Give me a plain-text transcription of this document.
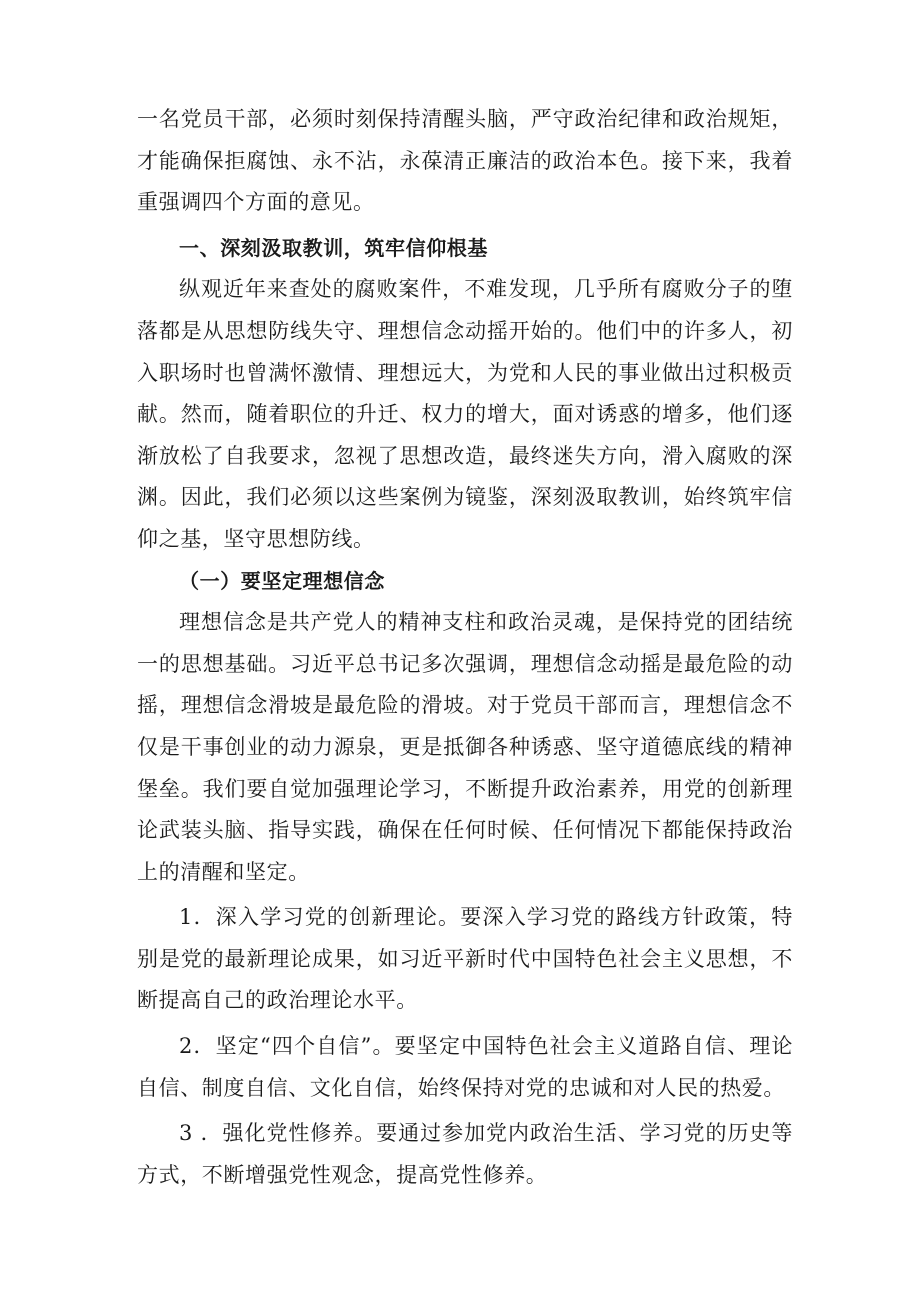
一名党员干部，必须时刻保持清醒头脑，严守政治纪律和政治规矩，才能确保拒腐蚀、永不沾，永葆清正廉洁的政治本色。接下来，我着重强调四个方面的意见。

一、深刻汲取教训，筑牢信仰根基

纵观近年来查处的腐败案件，不难发现，几乎所有腐败分子的堕落都是从思想防线失守、理想信念动摇开始的。他们中的许多人，初入职场时也曾满怀激情、理想远大，为党和人民的事业做出过积极贡献。然而，随着职位的升迁、权力的增大，面对诱惑的增多，他们逐渐放松了自我要求，忽视了思想改造，最终迷失方向，滑入腐败的深渊。因此，我们必须以这些案例为镜鉴，深刻汲取教训，始终筑牢信仰之基，坚守思想防线。

（一）要坚定理想信念

理想信念是共产党人的精神支柱和政治灵魂，是保持党的团结统一的思想基础。习近平总书记多次强调，理想信念动摇是最危险的动摇，理想信念滑坡是最危险的滑坡。对于党员干部而言，理想信念不仅是干事创业的动力源泉，更是抵御各种诱惑、坚守道德底线的精神堡垒。我们要自觉加强理论学习，不断提升政治素养，用党的创新理论武装头脑、指导实践，确保在任何时候、任何情况下都能保持政治上的清醒和坚定。

1．深入学习党的创新理论。要深入学习党的路线方针政策，特别是党的最新理论成果，如习近平新时代中国特色社会主义思想，不断提高自己的政治理论水平。

2．坚定“四个自信”。要坚定中国特色社会主义道路自信、理论自信、制度自信、文化自信，始终保持对党的忠诚和对人民的热爱。

3 ．强化党性修养。要通过参加党内政治生活、学习党的历史等方式，不断增强党性观念，提高党性修养。
